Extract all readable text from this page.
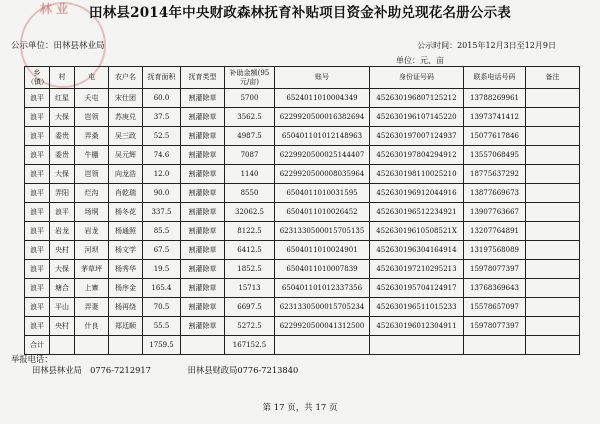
林 业	田林县2014年中央财政森林抚育补贴项目资金补助兑现花名册公示表
公示单位：田林县林业局	公示时间：2015年12月3日至12月9日
单位：元、亩
乡（镇）	村	屯	农户名	抚育面积	抚育类型	补助金额(95元/亩)	账号	身份证号码	联系电话号码	备注
浪平	红星	夭屯	宋仕团	60.0	割灌除草	5700	6524011010004349	452630196807125212	13788269961	
浪平	大保	岜领	苏庚兑	37.5	割灌除草	3562.5	6229920500016382694	452630196107145220	13973741412	
浪平	委贵	弄桑	吴三政	52.5	割灌除草	4987.5	650401101012148963	452630197007124937	15077617846	
浪平	委贵	牛棚	吴元辉	74.6	割灌除草	7087	6229920500025144407	452630197804294912	13557068495	
浪平	大保	岜领	向龙浩	12.0	割灌除草	1140	6229920500008035964	452630198110025210	18775637292	
浪平	弄阳	烂沟	肖乾瑞	90.0	割灌除草	8550	6504011010031595	452630196912044916	13877669673	
浪平	浪平	场垌	杨冬花	337.5	割灌除草	32062.5	6504011010026452	452630196512234921	13907763667	
浪平	岩龙	岩龙	杨通照	85.5	割灌除草	8122.5	6231330500015705135	45263019610508521X	13207764891	
浪平	央村	河坝	杨文学	67.5	割灌除草	6412.5	6504011010024901	452630196304164914	13197568089	
浪平	大保	茅草坪	杨秀华	19.5	割灌除草	1852.5	6504011010007839	452630197210295213	15978077397	
浪平	塘合	上寨	杨序金	165.4	割灌除草	15713	650401101012337356	452630195704124917	13768369643	
浪平	平山	弄妻	杨再绕	70.5	割灌除草	6697.5	6231330500015705234	452630196511015233	15578657097	
浪平	央村	什良	郑廷顺	55.5	割灌除草	5272.5	6229920500041312500	452630196012304911	15978077397	
合计				1759.5		167152.5				
举报电话：
田林县林业局　0776-7212917	田林县财政局0776-7213840
第 17 页，共 17 页
